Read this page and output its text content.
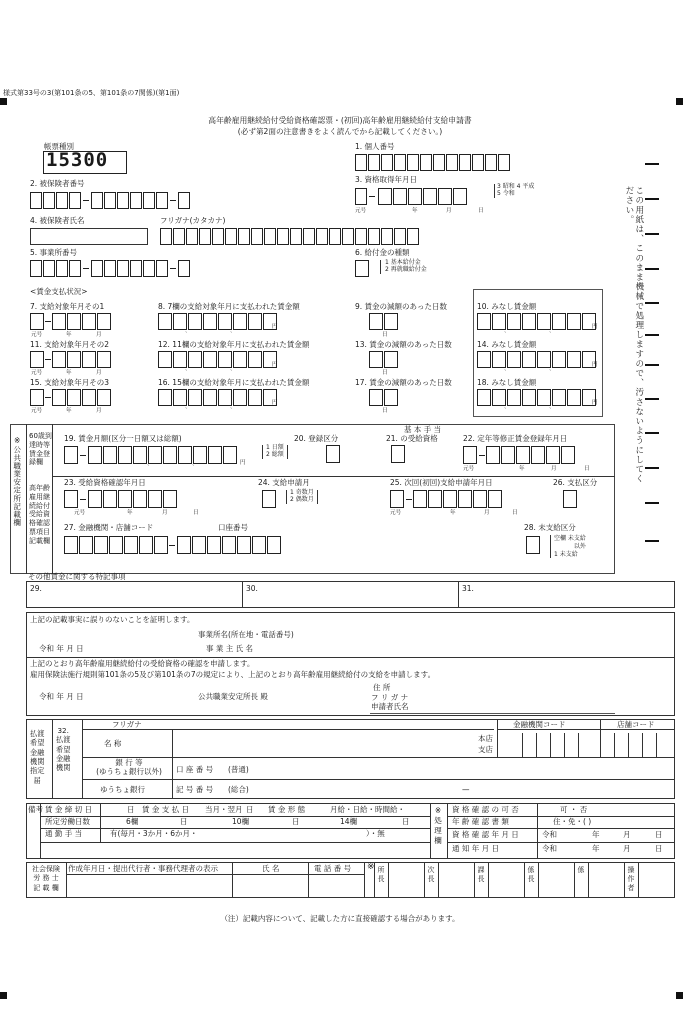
様式第33号の3(第101条の5、第101条の7関係)(第1面)
高年齢雇用継続給付受給資格確認票・(初回)高年齢雇用継続給付支給申請書
(必ず第2面の注意書きをよく読んでから記載してください。)
この用紙は、このまま機械で処理しますので、汚さないようにしてください。
帳票種別
15300
1. 個人番号
2. 被保険者番号	3. 資格取得年月日
3 昭和 4 平成
5 令和
元号	年	月	日
4. 被保険者氏名	フリガナ(カタカナ)
5. 事業所番号	6. 給付金の種類
1 基本給付金
2 再就職給付金
<賃金支払状況>
7. 支給対象年月その1	8. 7欄の支給対象年月に支払われた賃金額	9. 賃金の減額のあった日数	10. みなし賃金額
11. 支給対象年月その2	12. 11欄の支給対象年月に支払われた賃金額	13. 賃金の減額のあった日数	14. みなし賃金額
15. 支給対象年月その3	16. 15欄の支給対象年月に支払われた賃金額	17. 賃金の減額のあった日数	18. みなし賃金額
元号	年	月
ˎ	ˎ	円
日
ˎ	ˎ	円
元号	年	月
ˎ	ˎ	円
日
ˎ	ˎ	円
元号	年	月
ˎ	ˎ	円
日
ˎ	ˎ	円
※公共職業安定所記載欄 60歳到
達時等
賃金登
録欄
高年齢
雇用継
続給付
受給資
格確認
票項目
記載欄
19. 賃金月額(区分一日額又は総額)
ˎ	ˎ	円
1 日額
2 総額
20. 登録区分
基 本 手 当
21. の受給資格	22. 定年等修正賃金登録年月日
元号	年	月	日
23. 受給資格確認年月日
元号	年	月	日
24. 支給申請月
1 奇数月
2 偶数月
25. 次回(初回)支給申請年月日
元号	年	月	日
26. 支払区分
27. 金融機関・店舗コード	口座番号	28. 未支給区分
空欄 未支給
以外
1 未支給
その他賃金に関する特記事項
29.	30.	31.
上記の記載事実に誤りのないことを証明します。
事業所名(所在地・電話番号)
令和 年 月 日	事 業 主 氏 名
上記のとおり高年齢雇用継続給付の受給資格の確認を申請します。
雇用保険法施行規則第101条の5及び第101条の7の規定により、上記のとおり高年齢雇用継続給付の支給を申請します。
令和 年 月 日	公共職業安定所長 殿
住 所
フ リ ガ ナ
申請者氏名
払渡
希望
金融
機関
指定
届
32.
払渡
希望
金融
機関
フリガナ	金融機関コード	店舗コード
名 称
本店
支店
銀 行 等
(ゆうちょ銀行以外)	口 座 番 号 (普通)
ゆうちょ銀行	記 号 番 号 (総合)	—
備考 賃 金 締 切 日	日 賃 金 支 払 日 当月・翌月 日 賃 金 形 態	月給・日給・時間給・
所定労働日数	6欄	日	10欄	日	14欄	日
通 勤 手 当	有(毎月・3か月・6か月・	）・無
※
処
理
欄
資 格 確 認 の 可 否	可 ・ 否
年 齢 確 認 書 類	住・免・( )
資 格 確 認 年 月 日	令和	年	月	日
通 知 年 月 日	令和	年	月	日
社会保険
労 務 士
記 載 欄
作成年月日・提出代行者・事務代理者の表示	氏 名	電 話 番 号 ※ 所
長
次
長
課
長
係
長
係	操
作
者
（注）記載内容について、記載した方に直接確認する場合があります。
